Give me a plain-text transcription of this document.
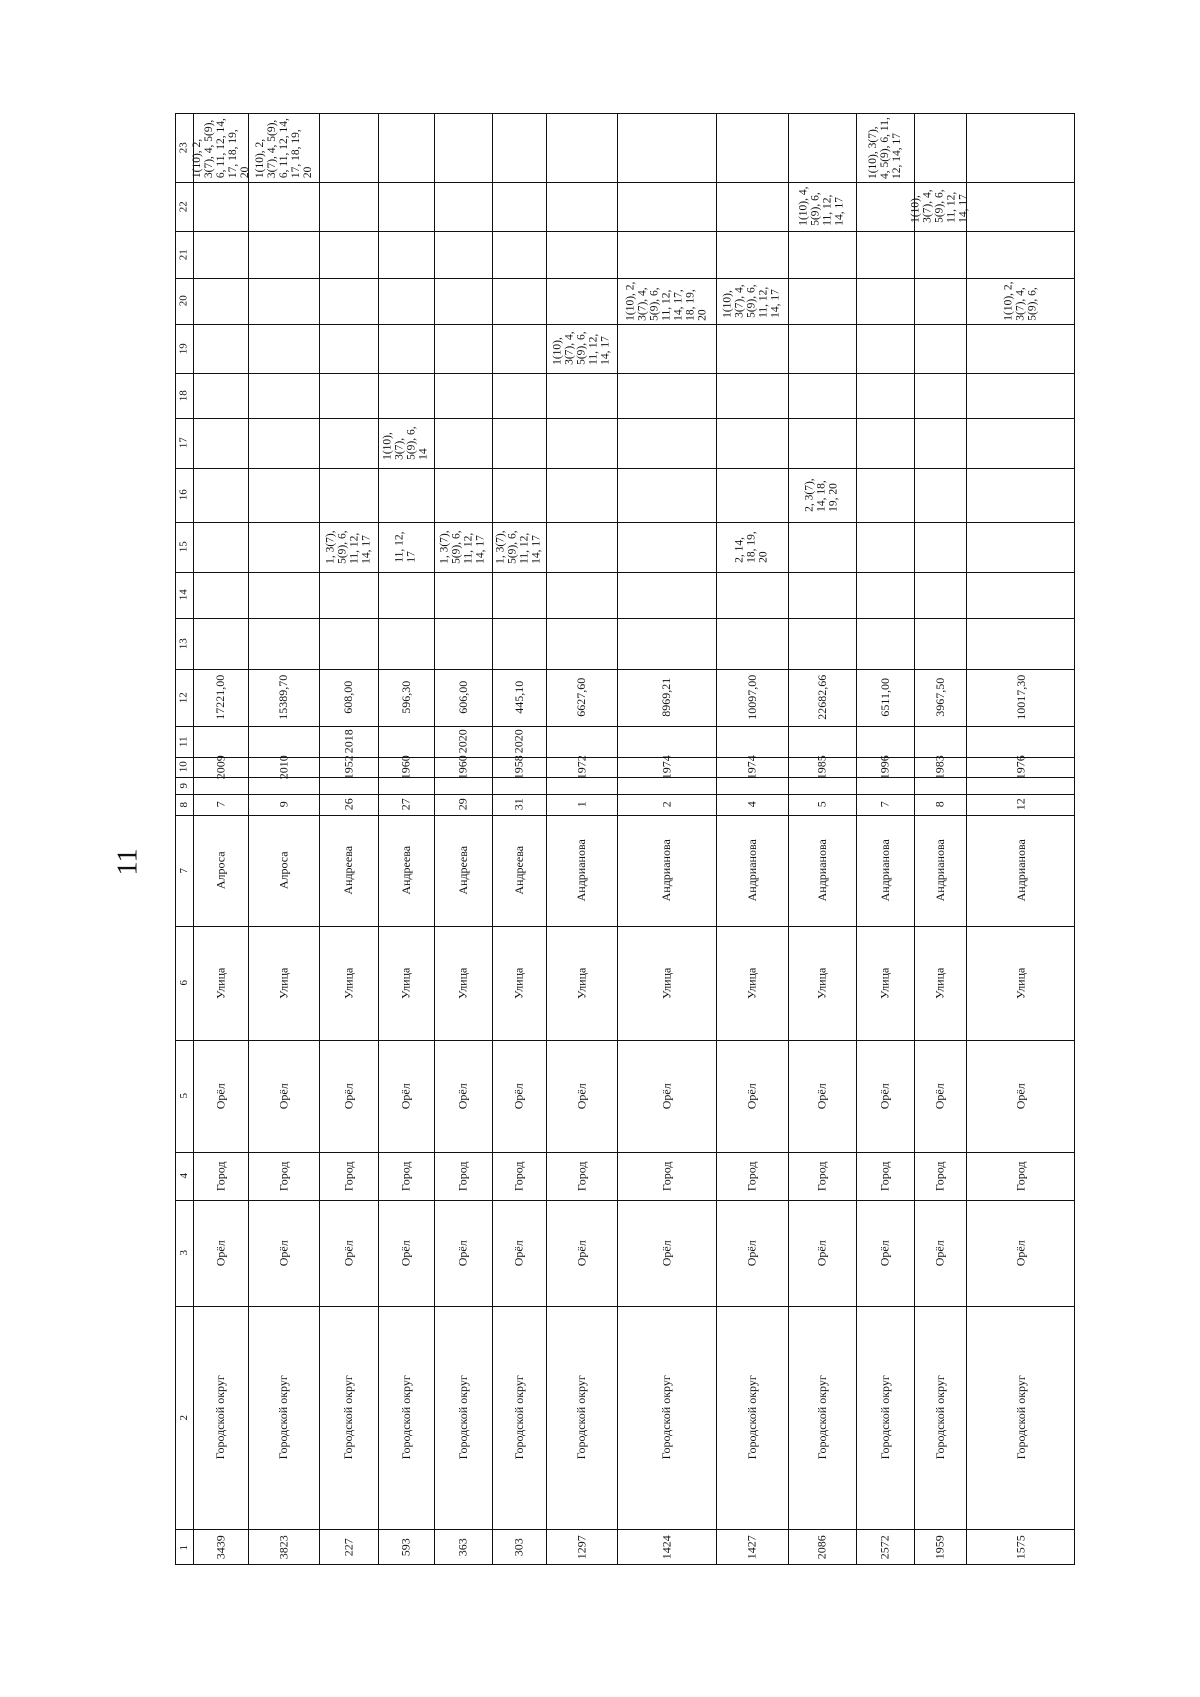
11
1
2
3
4
5
6
7
8
9
10
11
12
13
14
15
16
17
18
19
20
21
22
23
3439
Городской округ
Орёл
Город
Орёл
Улица
Алроса
7
2009
17221,00
1(10), 2,
3(7), 4, 5(9),
6, 11, 12, 14,
17, 18, 19,
20
3823
Городской округ
Орёл
Город
Орёл
Улица
Алроса
9
2010
15389,70
1(10), 2,
3(7), 4, 5(9),
6, 11, 12, 14,
17, 18, 19,
20
227
Городской округ
Орёл
Город
Орёл
Улица
Андреева
26
1952
2018
608,00
1, 3(7),
5(9), 6,
11, 12,
14, 17
593
Городской округ
Орёл
Город
Орёл
Улица
Андреева
27
1960
596,30
11, 12,
17
1(10),
3(7),
5(9), 6,
14
363
Городской округ
Орёл
Город
Орёл
Улица
Андреева
29
1960
2020
606,00
1, 3(7),
5(9), 6,
11, 12,
14, 17
303
Городской округ
Орёл
Город
Орёл
Улица
Андреева
31
1958
2020
445,10
1, 3(7),
5(9), 6,
11, 12,
14, 17
1297
Городской округ
Орёл
Город
Орёл
Улица
Андрианова
1
1972
6627,60
1(10),
3(7), 4,
5(9), 6,
11, 12,
14, 17
1424
Городской округ
Орёл
Город
Орёл
Улица
Андрианова
2
1974
8969,21
1(10), 2,
3(7), 4,
5(9), 6,
11, 12,
14, 17,
18, 19,
20
1427
Городской округ
Орёл
Город
Орёл
Улица
Андрианова
4
1974
10097,00
2, 14,
18, 19,
20
1(10),
3(7), 4,
5(9), 6,
11, 12,
14, 17
2086
Городской округ
Орёл
Город
Орёл
Улица
Андрианова
5
1985
22682,66
2, 3(7),
14, 18,
19, 20
1(10), 4,
5(9), 6,
11, 12,
14, 17
2572
Городской округ
Орёл
Город
Орёл
Улица
Андрианова
7
1996
6511,00
1(10), 3(7),
4, 5(9), 6, 11,
12, 14, 17
1959
Городской округ
Орёл
Город
Орёл
Улица
Андрианова
8
1983
3967,50
1(10),
3(7), 4,
5(9), 6,
11, 12,
14, 17
1575
Городской округ
Орёл
Город
Орёл
Улица
Андрианова
12
1976
10017,30
1(10), 2,
3(7), 4,
5(9), 6,
